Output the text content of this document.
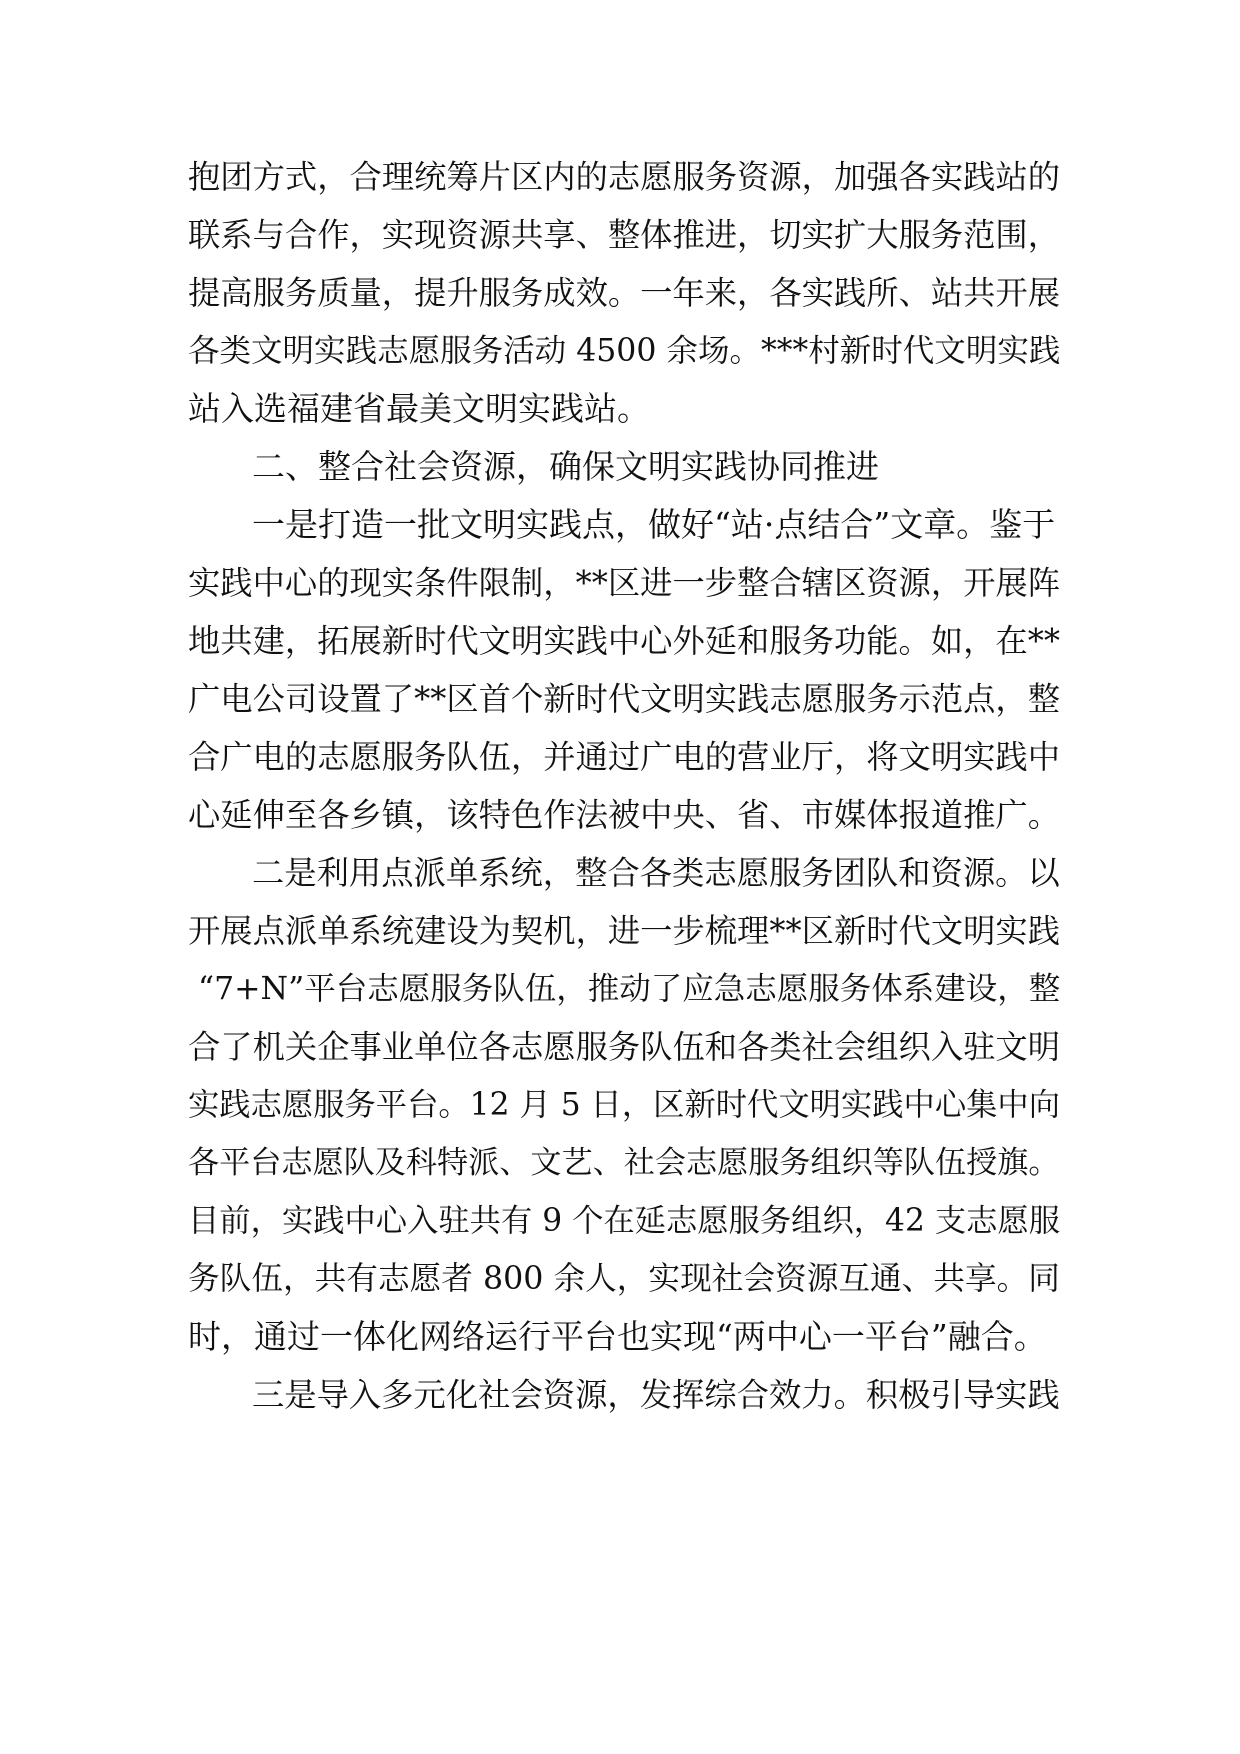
抱团方式，合理统筹片区内的志愿服务资源，加强各实践站的
联系与合作，实现资源共享、整体推进，切实扩大服务范围，
提高服务质量，提升服务成效。一年来，各实践所、站共开展
各类文明实践志愿服务活动 4500 余场。***村新时代文明实践
站入选福建省最美文明实践站。
二、整合社会资源，确保文明实践协同推进
一是打造一批文明实践点，做好“站·点结合”文章。鉴于
实践中心的现实条件限制，**区进一步整合辖区资源，开展阵
地共建，拓展新时代文明实践中心外延和服务功能。如，在**
广电公司设置了**区首个新时代文明实践志愿服务示范点，整
合广电的志愿服务队伍，并通过广电的营业厅，将文明实践中
心延伸至各乡镇，该特色作法被中央、省、市媒体报道推广。
二是利用点派单系统，整合各类志愿服务团队和资源。以
开展点派单系统建设为契机，进一步梳理**区新时代文明实践
“7+N”平台志愿服务队伍，推动了应急志愿服务体系建设，整
合了机关企事业单位各志愿服务队伍和各类社会组织入驻文明
实践志愿服务平台。12 月 5 日，区新时代文明实践中心集中向
各平台志愿队及科特派、文艺、社会志愿服务组织等队伍授旗。
目前，实践中心入驻共有 9 个在延志愿服务组织，42 支志愿服
务队伍，共有志愿者 800 余人，实现社会资源互通、共享。同
时，通过一体化网络运行平台也实现“两中心一平台”融合。
三是导入多元化社会资源，发挥综合效力。积极引导实践
